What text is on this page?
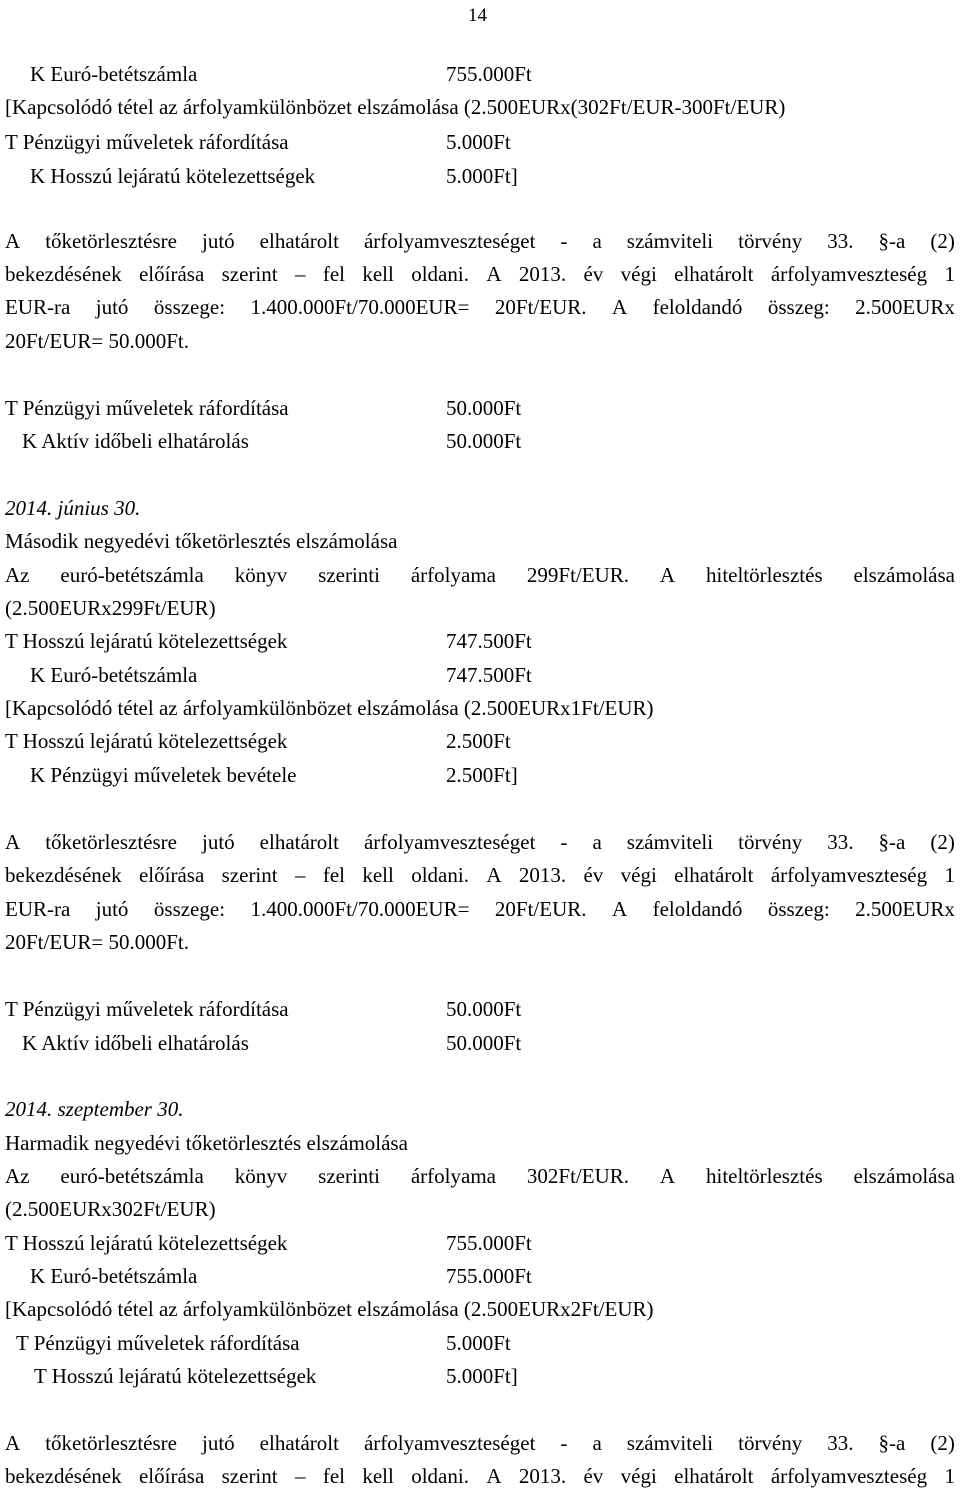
14
K Euró-betétszámla	755.000Ft
[Kapcsolódó tétel az árfolyamkülönbözet elszámolása (2.500EURx(302Ft/EUR-300Ft/EUR)
T Pénzügyi műveletek ráfordítása	5.000Ft
K Hosszú lejáratú kötelezettségek	5.000Ft]
A tőketörlesztésre jutó elhatárolt árfolyamveszteséget - a számviteli törvény 33. §-a (2)
bekezdésének előírása szerint – fel kell oldani. A 2013. év végi elhatárolt árfolyamveszteség 1
EUR-ra jutó összege: 1.400.000Ft/70.000EUR= 20Ft/EUR. A feloldandó összeg: 2.500EURx
20Ft/EUR= 50.000Ft.
T Pénzügyi műveletek ráfordítása	50.000Ft
K Aktív időbeli elhatárolás	50.000Ft
2014. június 30.
Második negyedévi tőketörlesztés elszámolása
Az euró-betétszámla könyv szerinti árfolyama 299Ft/EUR. A hiteltörlesztés elszámolása
(2.500EURx299Ft/EUR)
T Hosszú lejáratú kötelezettségek	747.500Ft
K Euró-betétszámla	747.500Ft
[Kapcsolódó tétel az árfolyamkülönbözet elszámolása (2.500EURx1Ft/EUR)
T Hosszú lejáratú kötelezettségek	2.500Ft
K Pénzügyi műveletek bevétele	2.500Ft]
A tőketörlesztésre jutó elhatárolt árfolyamveszteséget - a számviteli törvény 33. §-a (2)
bekezdésének előírása szerint – fel kell oldani. A 2013. év végi elhatárolt árfolyamveszteség 1
EUR-ra jutó összege: 1.400.000Ft/70.000EUR= 20Ft/EUR. A feloldandó összeg: 2.500EURx
20Ft/EUR= 50.000Ft.
T Pénzügyi műveletek ráfordítása	50.000Ft
K Aktív időbeli elhatárolás	50.000Ft
2014. szeptember 30.
Harmadik negyedévi tőketörlesztés elszámolása
Az euró-betétszámla könyv szerinti árfolyama 302Ft/EUR. A hiteltörlesztés elszámolása
(2.500EURx302Ft/EUR)
T Hosszú lejáratú kötelezettségek	755.000Ft
K Euró-betétszámla	755.000Ft
[Kapcsolódó tétel az árfolyamkülönbözet elszámolása (2.500EURx2Ft/EUR)
T Pénzügyi műveletek ráfordítása	5.000Ft
T Hosszú lejáratú kötelezettségek	5.000Ft]
A tőketörlesztésre jutó elhatárolt árfolyamveszteséget - a számviteli törvény 33. §-a (2)
bekezdésének előírása szerint – fel kell oldani. A 2013. év végi elhatárolt árfolyamveszteség 1
